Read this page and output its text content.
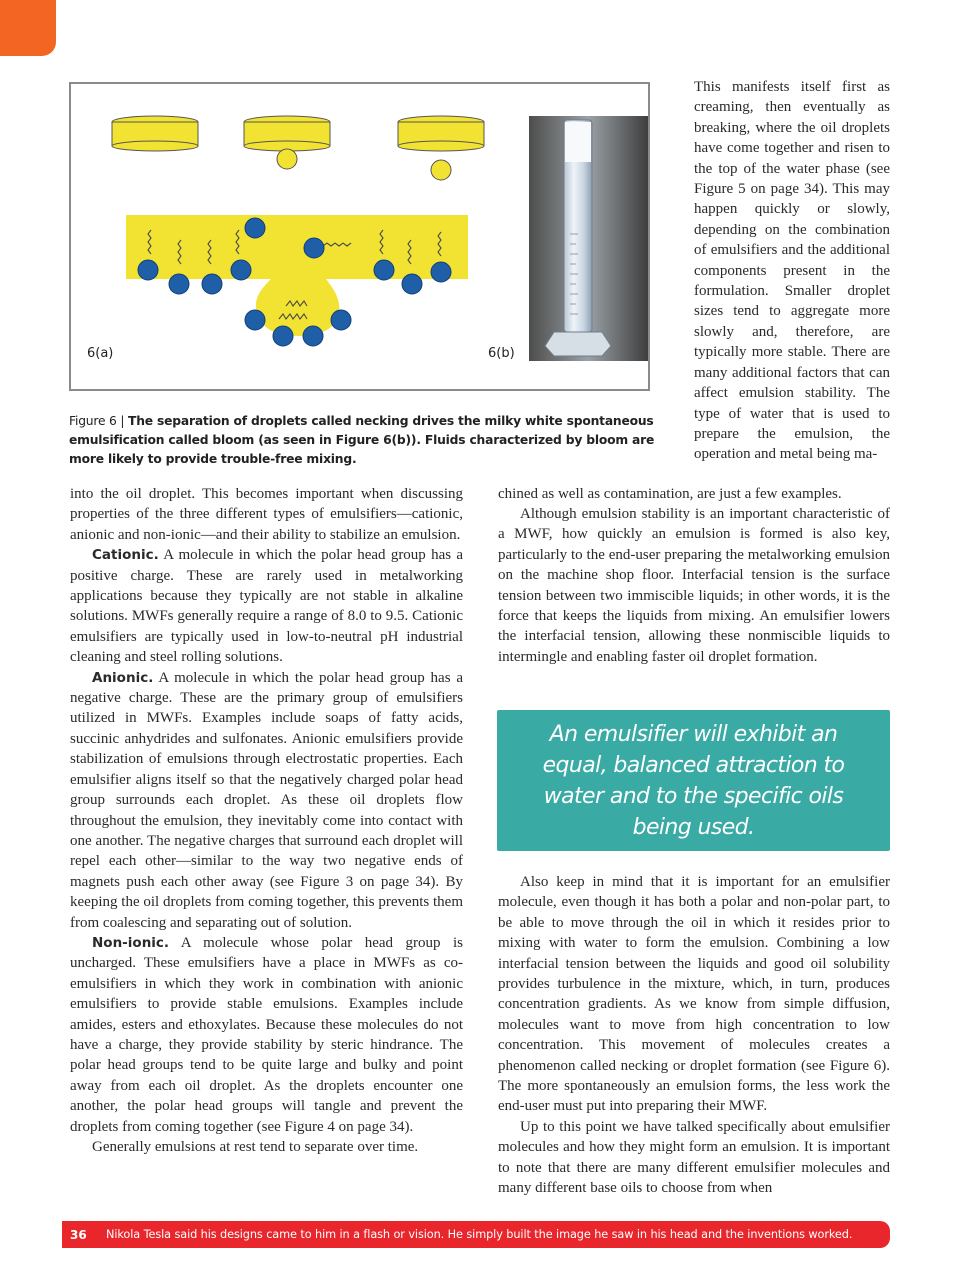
6(a)	6(b)
Figure 6 | The separation of droplets called necking drives the milky white spontaneous emulsification called bloom (as seen in Figure 6(b)). Fluids characterized by bloom are more likely to provide trouble-free mixing.

This manifests itself first as creaming, then eventually as breaking, where the oil droplets have come together and risen to the top of the water phase (see Figure 5 on page 34). This may happen quickly or slowly, depending on the combination of emulsifiers and the additional components present in the formulation. Smaller droplet sizes tend to aggregate more slowly and, therefore, are typically more stable. There are many additional factors that can affect emulsion stability. The type of water that is used to prepare the emulsion, the operation and metal being ma-

chined as well as contamination, are just a few examples.

into the oil droplet. This becomes important when discussing properties of the three different types of emulsifiers—cationic, anionic and non-ionic—and their ability to stabilize an emulsion.

Cationic. A molecule in which the polar head group has a positive charge. These are rarely used in metalworking applications because they typically are not stable in alkaline solutions. MWFs generally require a range of 8.0 to 9.5. Cationic emulsifiers are typically used in low-to-neutral pH industrial cleaning and steel rolling solutions.

Anionic. A molecule in which the polar head group has a negative charge. These are the primary group of emulsifiers utilized in MWFs. Examples include soaps of fatty acids, succinic anhydrides and sulfonates. Anionic emulsifiers provide stabilization of emulsions through electrostatic properties. Each emulsifier aligns itself so that the negatively charged polar head group surrounds each droplet. As these oil droplets flow throughout the emulsion, they inevitably come into contact with one another. The negative charges that surround each droplet will repel each other—similar to the way two negative ends of magnets push each other away (see Figure 3 on page 34). By keeping the oil droplets from coming together, this prevents them from coalescing and separating out of solution.

Non-ionic. A molecule whose polar head group is uncharged. These emulsifiers have a place in MWFs as co-emulsifiers in which they work in combination with anionic emulsifiers to provide stable emulsions. Examples include amides, esters and ethoxylates. Because these molecules do not have a charge, they provide stability by steric hindrance. The polar head groups tend to be quite large and bulky and point away from each oil droplet. As the droplets encounter one another, the polar head groups will tangle and prevent the droplets from coming together (see Figure 4 on page 34).

Generally emulsions at rest tend to separate over time.

Although emulsion stability is an important characteristic of a MWF, how quickly an emulsion is formed is also key, particularly to the end-user preparing the metalworking emulsion on the machine shop floor. Interfacial tension is the surface tension between two immiscible liquids; in other words, it is the force that keeps the liquids from mixing. An emulsifier lowers the interfacial tension, allowing these nonmiscible liquids to intermingle and enabling faster oil droplet formation.

An emulsifier will exhibit an equal, balanced attraction to water and to the specific oils being used.

Also keep in mind that it is important for an emulsifier molecule, even though it has both a polar and non-polar part, to be able to move through the oil in which it resides prior to mixing with water to form the emulsion. Combining a low interfacial tension between the liquids and good oil solubility provides turbulence in the mixture, which, in turn, produces concentration gradients. As we know from simple diffusion, molecules want to move from high concentration to low concentration. This movement of molecules creates a phenomenon called necking or droplet formation (see Figure 6). The more spontaneously an emulsion forms, the less work the end-user must put into preparing their MWF.

Up to this point we have talked specifically about emulsifier molecules and how they might form an emulsion. It is important to note that there are many different emulsifier molecules and many different base oils to choose from when

36	Nikola Tesla said his designs came to him in a flash or vision. He simply built the image he saw in his head and the inventions worked.
